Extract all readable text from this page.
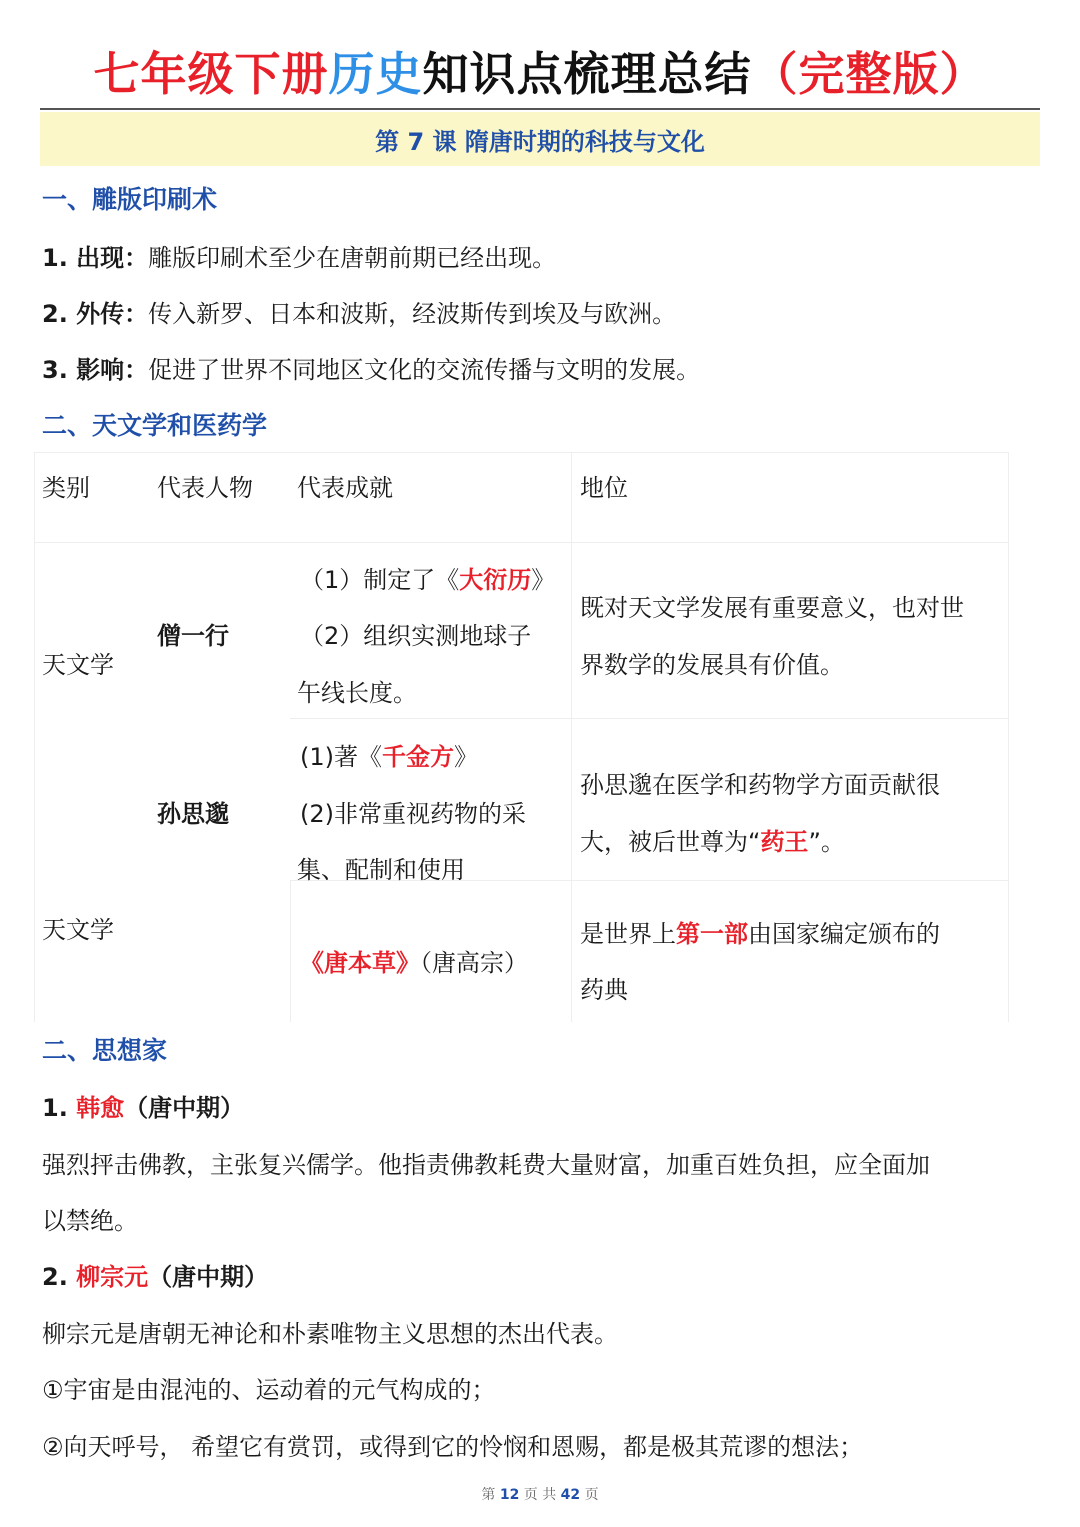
七年级下册历史知识点梳理总结（完整版）
第 7 课 隋唐时期的科技与文化
一、雕版印刷术
1. 出现：雕版印刷术至少在唐朝前期已经出现。
2. 外传：传入新罗、日本和波斯，经波斯传到埃及与欧洲。
3. 影响：促进了世界不同地区文化的交流传播与文明的发展。
二、天文学和医药学
类别	代表人物 代表成就	地位
天文学
僧一行
（1）制定了《大衍历》
（2）组织实测地球子
午线长度。
既对天文学发展有重要意义，也对世
界数学的发展具有价值。
孙思邈
(1)著《千金方》
(2)非常重视药物的采
集、配制和使用
孙思邈在医学和药物学方面贡献很
大，被后世尊为“药王”。
天文学
《唐本草》（唐高宗）
是世界上第一部由国家编定颁布的
药典
二、思想家
1. 韩愈（唐中期）
强烈抨击佛教，主张复兴儒学。他指责佛教耗费大量财富，加重百姓负担，应全面加
以禁绝。
2. 柳宗元（唐中期）
柳宗元是唐朝无神论和朴素唯物主义思想的杰出代表。
①宇宙是由混沌的、运动着的元气构成的；
②向天呼号， 希望它有赏罚，或得到它的怜悯和恩赐，都是极其荒谬的想法；
第 12 页 共 42 页
